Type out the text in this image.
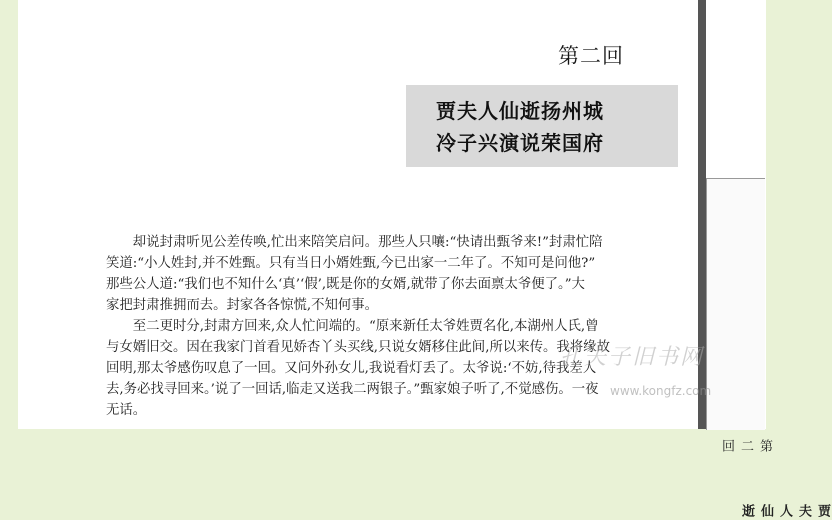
第二回
贾夫人仙逝扬州城
冷子兴演说荣国府

却说封肃听见公差传唤,忙出来陪笑启问。那些人只嚷:“快请出甄爷来!”封肃忙陪
笑道:“小人姓封,并不姓甄。只有当日小婿姓甄,今已出家一二年了。不知可是问他?”
那些公人道:“我们也不知什么‘真’‘假’,既是你的女婿,就带了你去面禀太爷便了。”大
家把封肃推拥而去。封家各各惊慌,不知何事。

至二更时分,封肃方回来,众人忙问端的。“原来新任太爷姓贾名化,本湖州人氏,曾
与女婿旧交。因在我家门首看见娇杏丫头买线,只说女婿移住此间,所以来传。我将缘故
回明,那太爷感伤叹息了一回。又问外孙女儿,我说看灯丢了。太爷说:‘不妨,待我差人
去,务必找寻回来。’说了一回话,临走又送我二两银子。”甄家娘子听了,不觉感伤。一夜
无话。

第二回
贾夫人仙逝
孔夫子旧书网
www.kongfz.com
